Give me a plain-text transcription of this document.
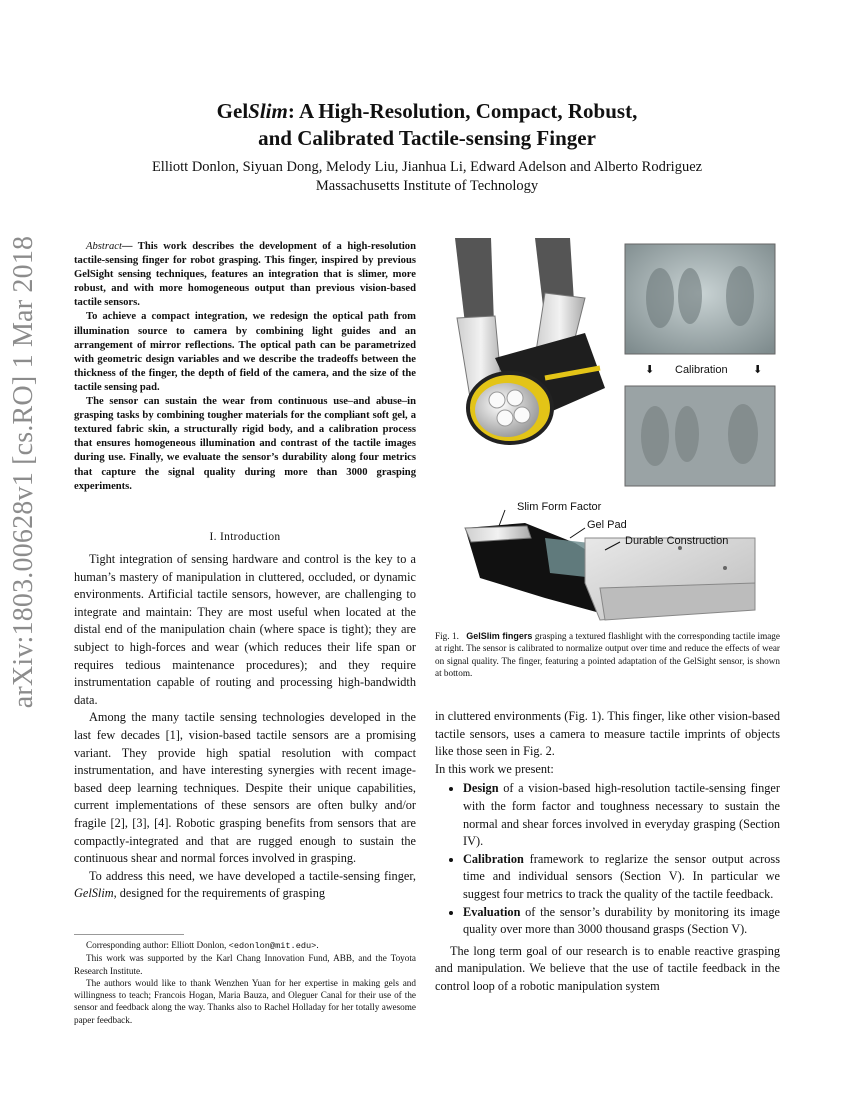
arXiv:1803.00628v1 [cs.RO] 1 Mar 2018
GelSlim: A High-Resolution, Compact, Robust,
and Calibrated Tactile-sensing Finger
Elliott Donlon, Siyuan Dong, Melody Liu, Jianhua Li, Edward Adelson and Alberto Rodriguez
Massachusetts Institute of Technology

Abstract— This work describes the development of a high-resolution tactile-sensing finger for robot grasping. This finger, inspired by previous GelSight sensing techniques, features an integration that is slimer, more robust, and with more homogeneous output than previous vision-based tactile sensors.

To achieve a compact integration, we redesign the optical path from illumination source to camera by combining light guides and an arrangement of mirror reflections. The optical path can be parametrized with geometric design variables and we describe the tradeoffs between the thickness of the finger, the depth of field of the camera, and the size of the tactile sensing pad.

The sensor can sustain the wear from continuous use–and abuse–in grasping tasks by combining tougher materials for the compliant soft gel, a textured fabric skin, a structurally rigid body, and a calibration process that ensures homogeneous illumination and contrast of the tactile images during use. Finally, we evaluate the sensor’s durability along four metrics that capture the signal quality during more than 3000 grasping experiments.

I. Introduction

Tight integration of sensing hardware and control is the key to a human’s mastery of manipulation in cluttered, occluded, or dynamic environments. Artificial tactile sensors, however, are challenging to integrate and maintain: They are most useful when located at the distal end of the manipulation chain (where space is tight); they are subject to high-forces and wear (which reduces their life span or requires tedious maintenance procedures); and they require instrumentation capable of routing and processing high-bandwidth data.

Among the many tactile sensing technologies developed in the last few decades [1], vision-based tactile sensors are a promising variant. They provide high spatial resolution with compact instrumentation, and have interesting synergies with recent image-based deep learning techniques. Despite their unique capabilities, current implementations of these sensors are often bulky and/or fragile [2], [3], [4]. Robotic grasping benefits from sensors that are compactly-integrated and that are rugged enough to sustain the continuous shear and normal forces involved in grasping.

To address this need, we have developed a tactile-sensing finger, GelSlim, designed for the requirements of grasping

Corresponding author: Elliott Donlon, <edonlon@mit.edu>.

This work was supported by the Karl Chang Innovation Fund, ABB, and the Toyota Research Institute.

The authors would like to thank Wenzhen Yuan for her expertise in making gels and willingness to teach; Francois Hogan, Maria Bauza, and Oleguer Canal for their use of the sensor and feedback along the way. Thanks also to Rachel Holladay for her totally awesome paper feedback.

⬇ Calibration ⬇
Slim Form Factor
Gel Pad
Durable Construction
Fig. 1. GelSlim fingers grasping a textured flashlight with the corresponding tactile image at right. The sensor is calibrated to normalize output over time and reduce the effects of wear on signal quality. The finger, featuring a pointed adaptation of the GelSight sensor, is shown at bottom.

in cluttered environments (Fig. 1). This finger, like other vision-based tactile sensors, uses a camera to measure tactile imprints of objects like those seen in Fig. 2.

In this work we present:

• Design of a vision-based high-resolution tactile-sensing finger with the form factor and toughness necessary to sustain the normal and shear forces involved in everyday grasping (Section IV).
• Calibration framework to reglarize the sensor output across time and individual sensors (Section V). In particular we suggest four metrics to track the quality of the tactile feedback.
• Evaluation of the sensor’s durability by monitoring its image quality over more than 3000 thousand grasps (Section V).

The long term goal of our research is to enable reactive grasping and manipulation. We believe that the use of tactile feedback in the control loop of a robotic manipulation system
